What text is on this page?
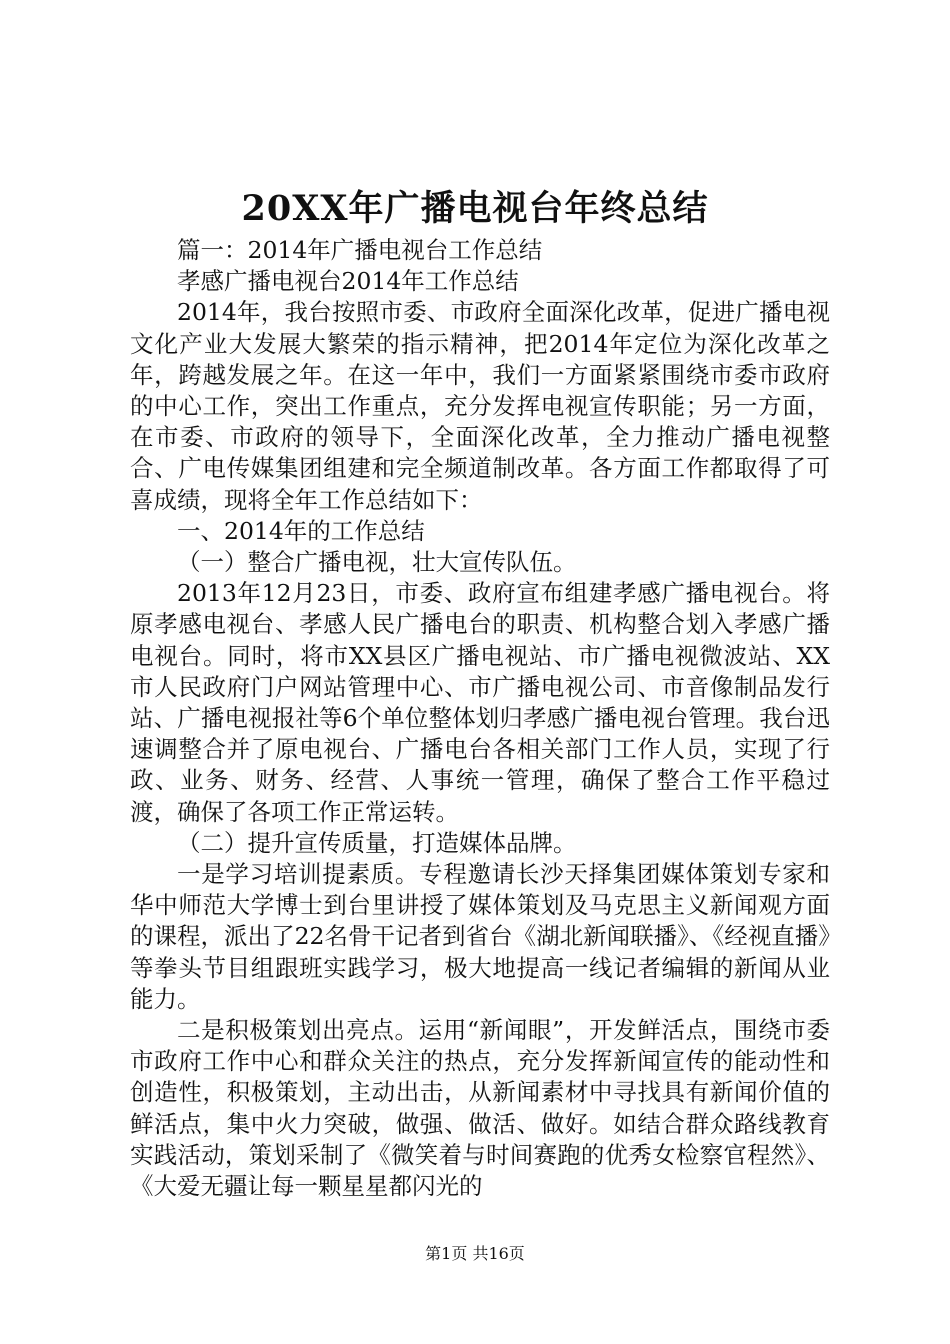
20XX年广播电视台年终总结

篇一：2014年广播电视台工作总结

孝感广播电视台2014年工作总结

2014年，我台按照市委、市政府全面深化改革，促进广播电视文化产业大发展大繁荣的指示精神，把2014年定位为深化改革之年，跨越发展之年。在这一年中，我们一方面紧紧围绕市委市政府的中心工作，突出工作重点，充分发挥电视宣传职能；另一方面，在市委、市政府的领导下，全面深化改革，全力推动广播电视整合、广电传媒集团组建和完全频道制改革。各方面工作都取得了可喜成绩，现将全年工作总结如下：

一、2014年的工作总结

（一）整合广播电视，壮大宣传队伍。

2013年12月23日，市委、政府宣布组建孝感广播电视台。将原孝感电视台、孝感人民广播电台的职责、机构整合划入孝感广播电视台。同时，将市XX县区广播电视站、市广播电视微波站、XX市人民政府门户网站管理中心、市广播电视公司、市音像制品发行站、广播电视报社等6个单位整体划归孝感广播电视台管理。我台迅速调整合并了原电视台、广播电台各相关部门工作人员，实现了行政、业务、财务、经营、人事统一管理，确保了整合工作平稳过渡，确保了各项工作正常运转。

（二）提升宣传质量，打造媒体品牌。

一是学习培训提素质。专程邀请长沙天择集团媒体策划专家和华中师范大学博士到台里讲授了媒体策划及马克思主义新闻观方面的课程，派出了22名骨干记者到省台《湖北新闻联播》、《经视直播》等拳头节目组跟班实践学习，极大地提高一线记者编辑的新闻从业能力。

二是积极策划出亮点。运用“新闻眼”，开发鲜活点，围绕市委市政府工作中心和群众关注的热点，充分发挥新闻宣传的能动性和创造性，积极策划，主动出击，从新闻素材中寻找具有新闻价值的鲜活点，集中火力突破，做强、做活、做好。如结合群众路线教育实践活动，策划采制了《微笑着与时间赛跑的优秀女检察官程然》、《大爱无疆让每一颗星星都闪光的

第1页 共16页
